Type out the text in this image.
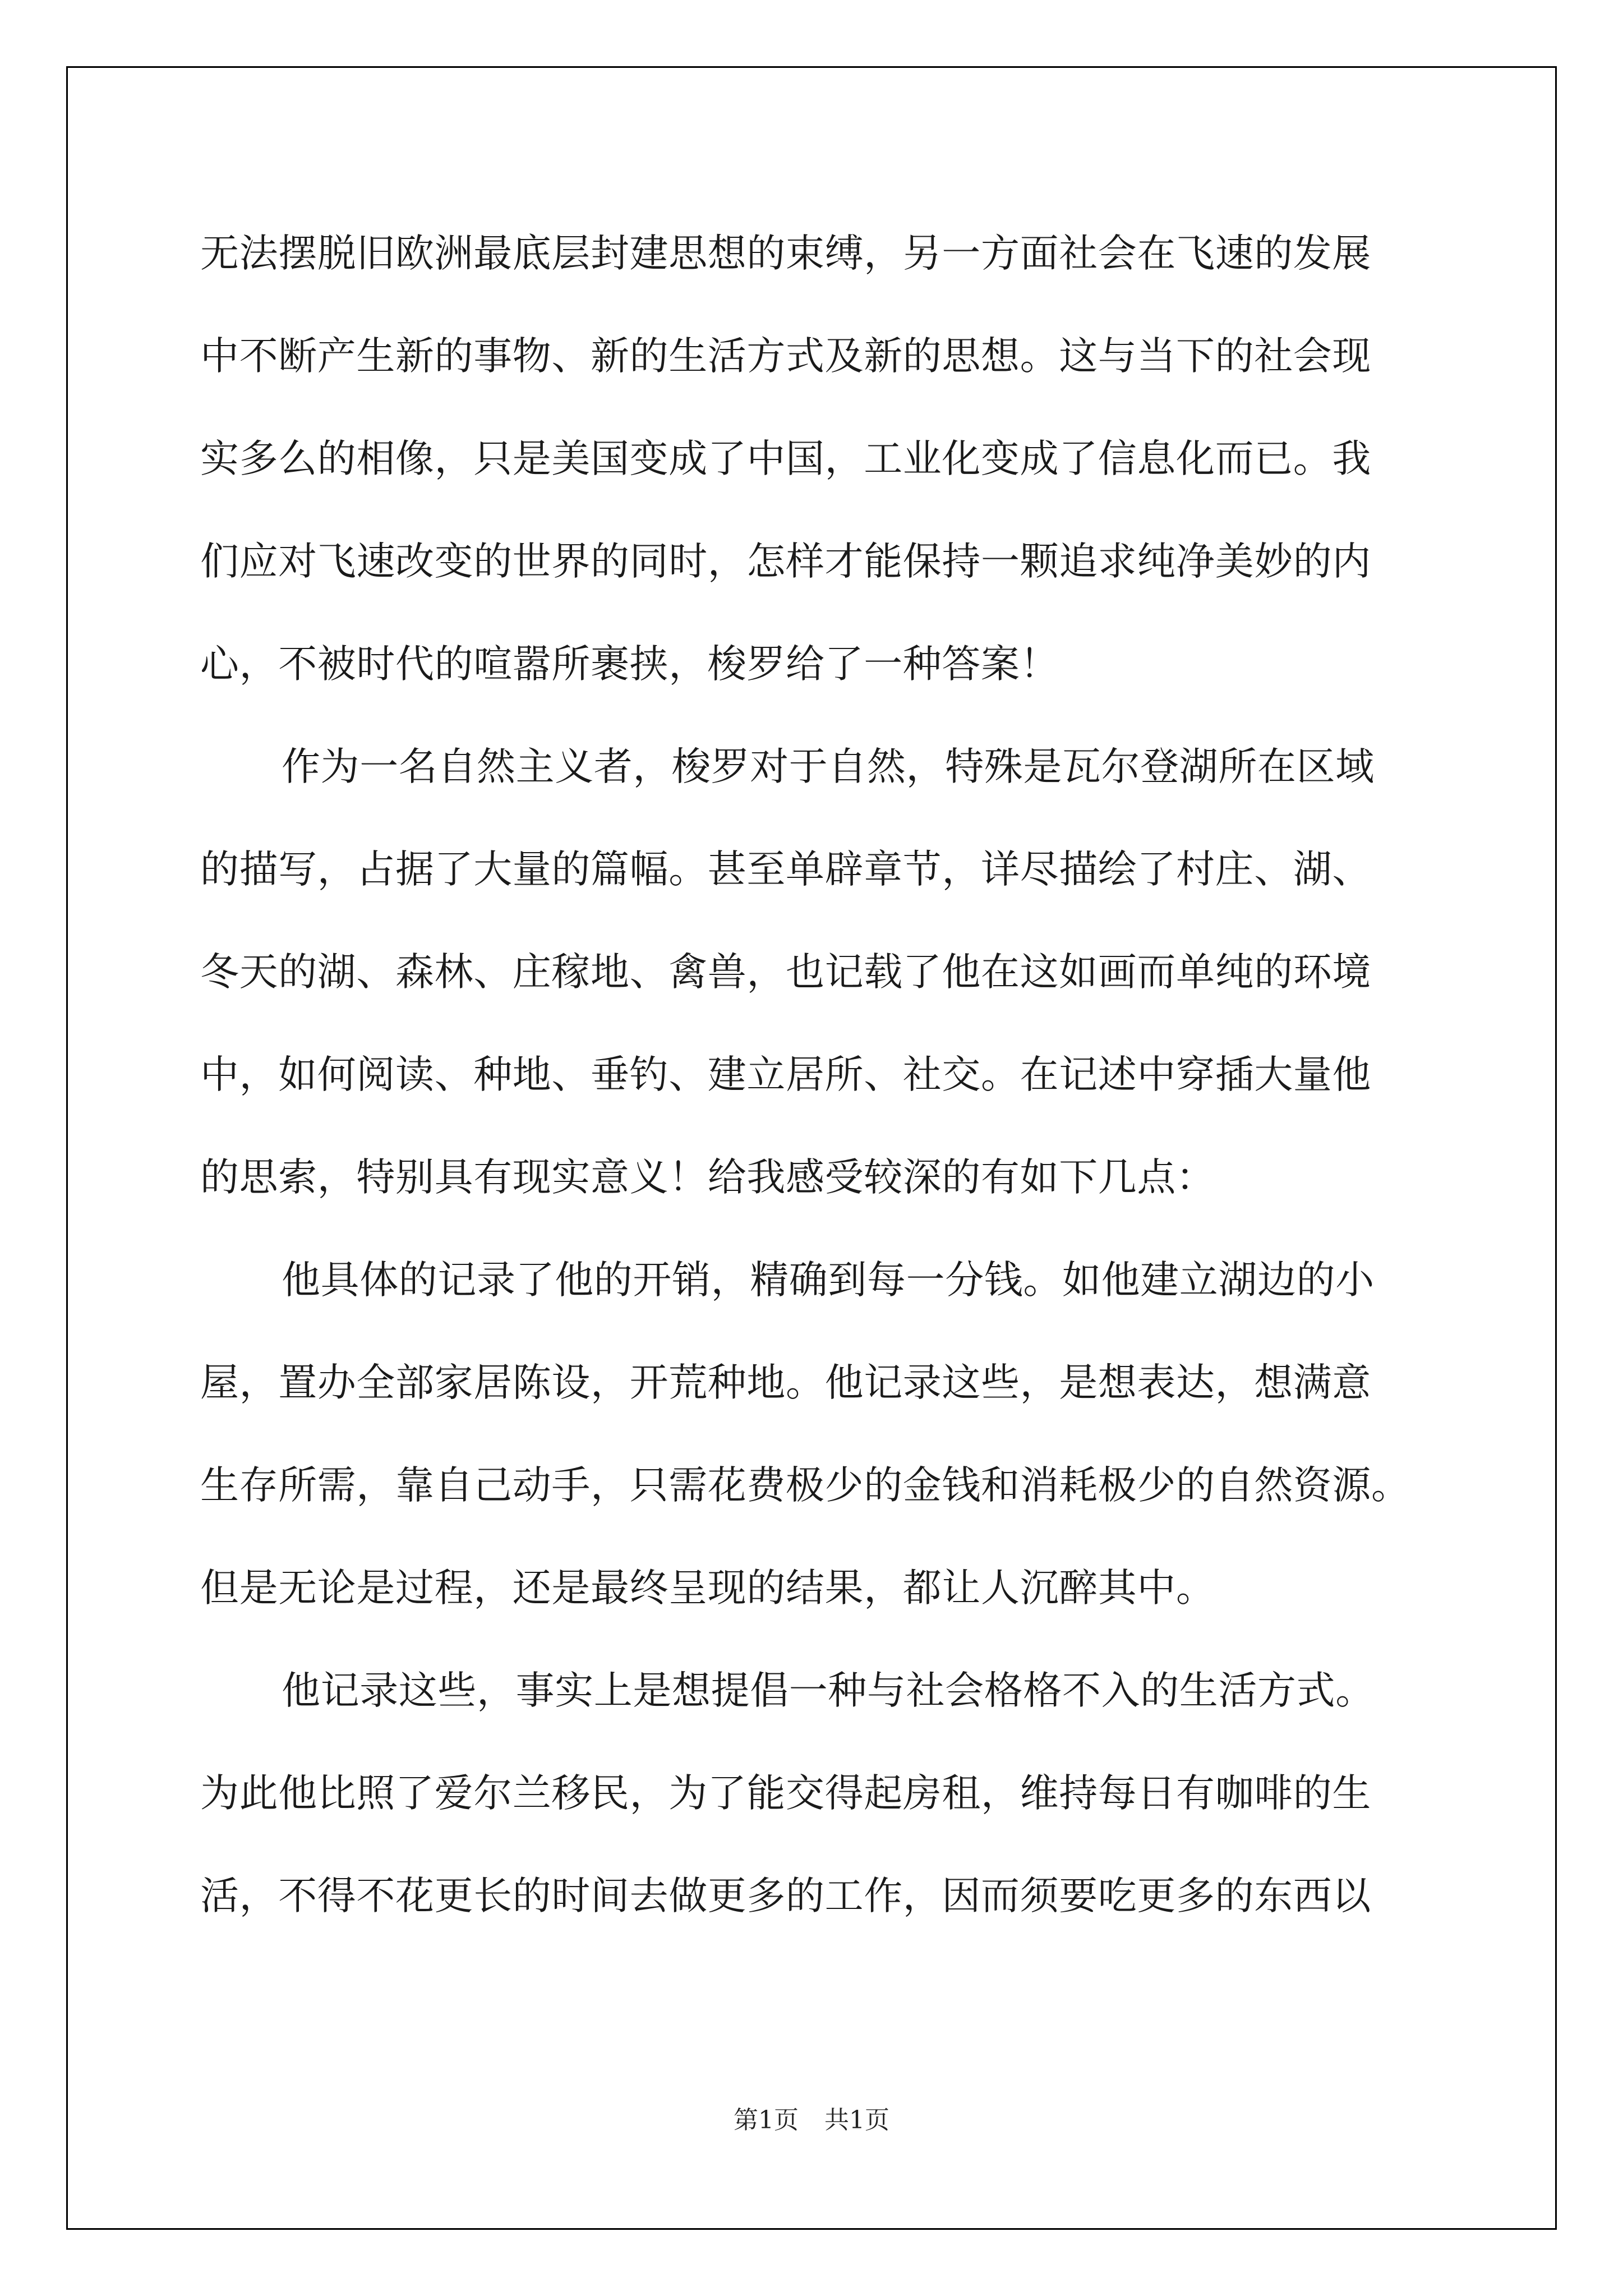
无法摆脱旧欧洲最底层封建思想的束缚，另一方面社会在飞速的发展
中不断产生新的事物、新的生活方式及新的思想。这与当下的社会现
实多么的相像，只是美国变成了中国，工业化变成了信息化而已。我
们应对飞速改变的世界的同时，怎样才能保持一颗追求纯净美妙的内
心，不被时代的喧嚣所裹挟，梭罗给了一种答案！
作为一名自然主义者，梭罗对于自然，特殊是瓦尔登湖所在区域
的描写，占据了大量的篇幅。甚至单辟章节，详尽描绘了村庄、湖、
冬天的湖、森林、庄稼地、禽兽，也记载了他在这如画而单纯的环境
中，如何阅读、种地、垂钓、建立居所、社交。在记述中穿插大量他
的思索，特别具有现实意义！给我感受较深的有如下几点：
他具体的记录了他的开销，精确到每一分钱。如他建立湖边的小
屋，置办全部家居陈设，开荒种地。他记录这些，是想表达，想满意
生存所需，靠自己动手，只需花费极少的金钱和消耗极少的自然资源。
但是无论是过程，还是最终呈现的结果，都让人沉醉其中。
他记录这些，事实上是想提倡一种与社会格格不入的生活方式。
为此他比照了爱尔兰移民，为了能交得起房租，维持每日有咖啡的生
活，不得不花更长的时间去做更多的工作，因而须要吃更多的东西以
第1页 共1页
